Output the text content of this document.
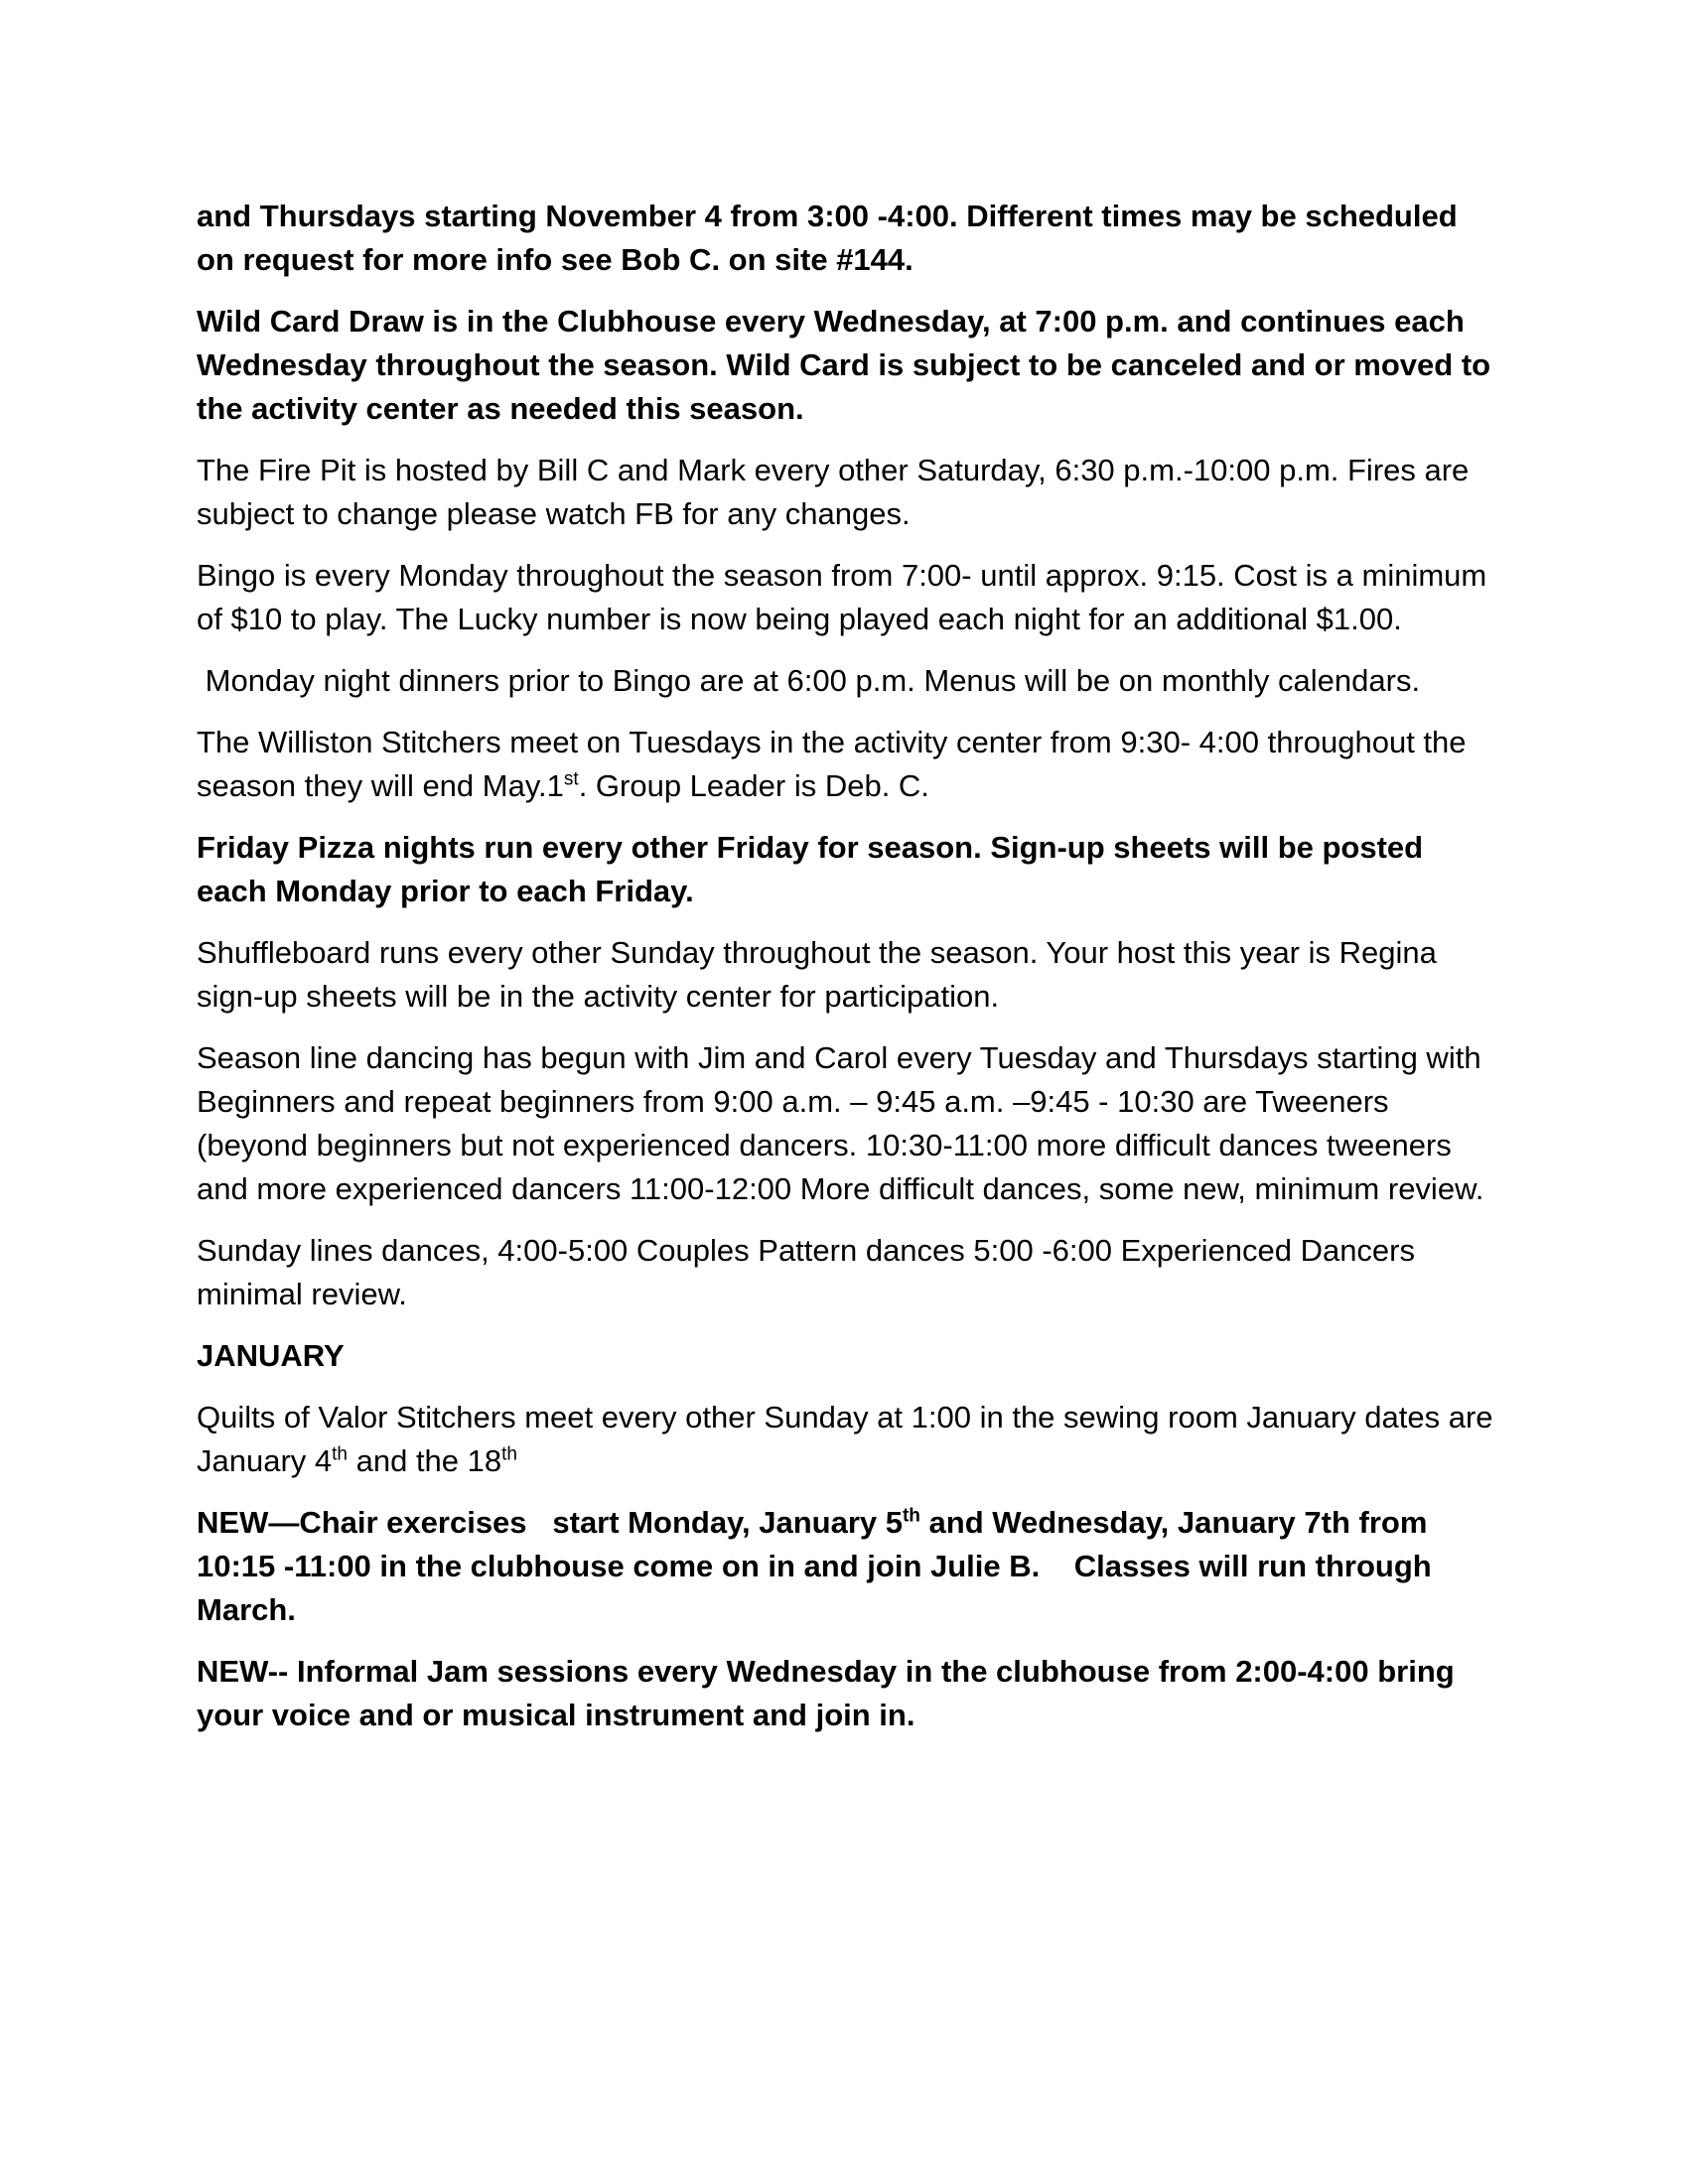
and Thursdays starting November 4 from 3:00 -4:00. Different times may be scheduled on request for more info see Bob C. on site #144.

Wild Card Draw is in the Clubhouse every Wednesday, at 7:00 p.m. and continues each Wednesday throughout the season. Wild Card is subject to be canceled and or moved to the activity center as needed this season.

The Fire Pit is hosted by Bill C and Mark every other Saturday, 6:30 p.m.-10:00 p.m. Fires are subject to change please watch FB for any changes.

Bingo is every Monday throughout the season from 7:00- until approx. 9:15. Cost is a minimum of $10 to play. The Lucky number is now being played each night for an additional $1.00.

Monday night dinners prior to Bingo are at 6:00 p.m. Menus will be on monthly calendars.

The Williston Stitchers meet on Tuesdays in the activity center from 9:30- 4:00 throughout the season they will end May.1st. Group Leader is Deb. C.

Friday Pizza nights run every other Friday for season. Sign-up sheets will be posted each Monday prior to each Friday.

Shuffleboard runs every other Sunday throughout the season. Your host this year is Regina sign-up sheets will be in the activity center for participation.

Season line dancing has begun with Jim and Carol every Tuesday and Thursdays starting with Beginners and repeat beginners from 9:00 a.m. – 9:45 a.m. –9:45 - 10:30 are Tweeners (beyond beginners but not experienced dancers. 10:30-11:00 more difficult dances tweeners and more experienced dancers 11:00-12:00 More difficult dances, some new, minimum review.

Sunday lines dances, 4:00-5:00 Couples Pattern dances 5:00 -6:00 Experienced Dancers minimal review.

JANUARY

Quilts of Valor Stitchers meet every other Sunday at 1:00 in the sewing room January dates are January 4th and the 18th

NEW—Chair exercises   start Monday, January 5th and Wednesday, January 7th from 10:15 -11:00 in the clubhouse come on in and join Julie B.    Classes will run through March.

NEW-- Informal Jam sessions every Wednesday in the clubhouse from 2:00-4:00 bring your voice and or musical instrument and join in.
